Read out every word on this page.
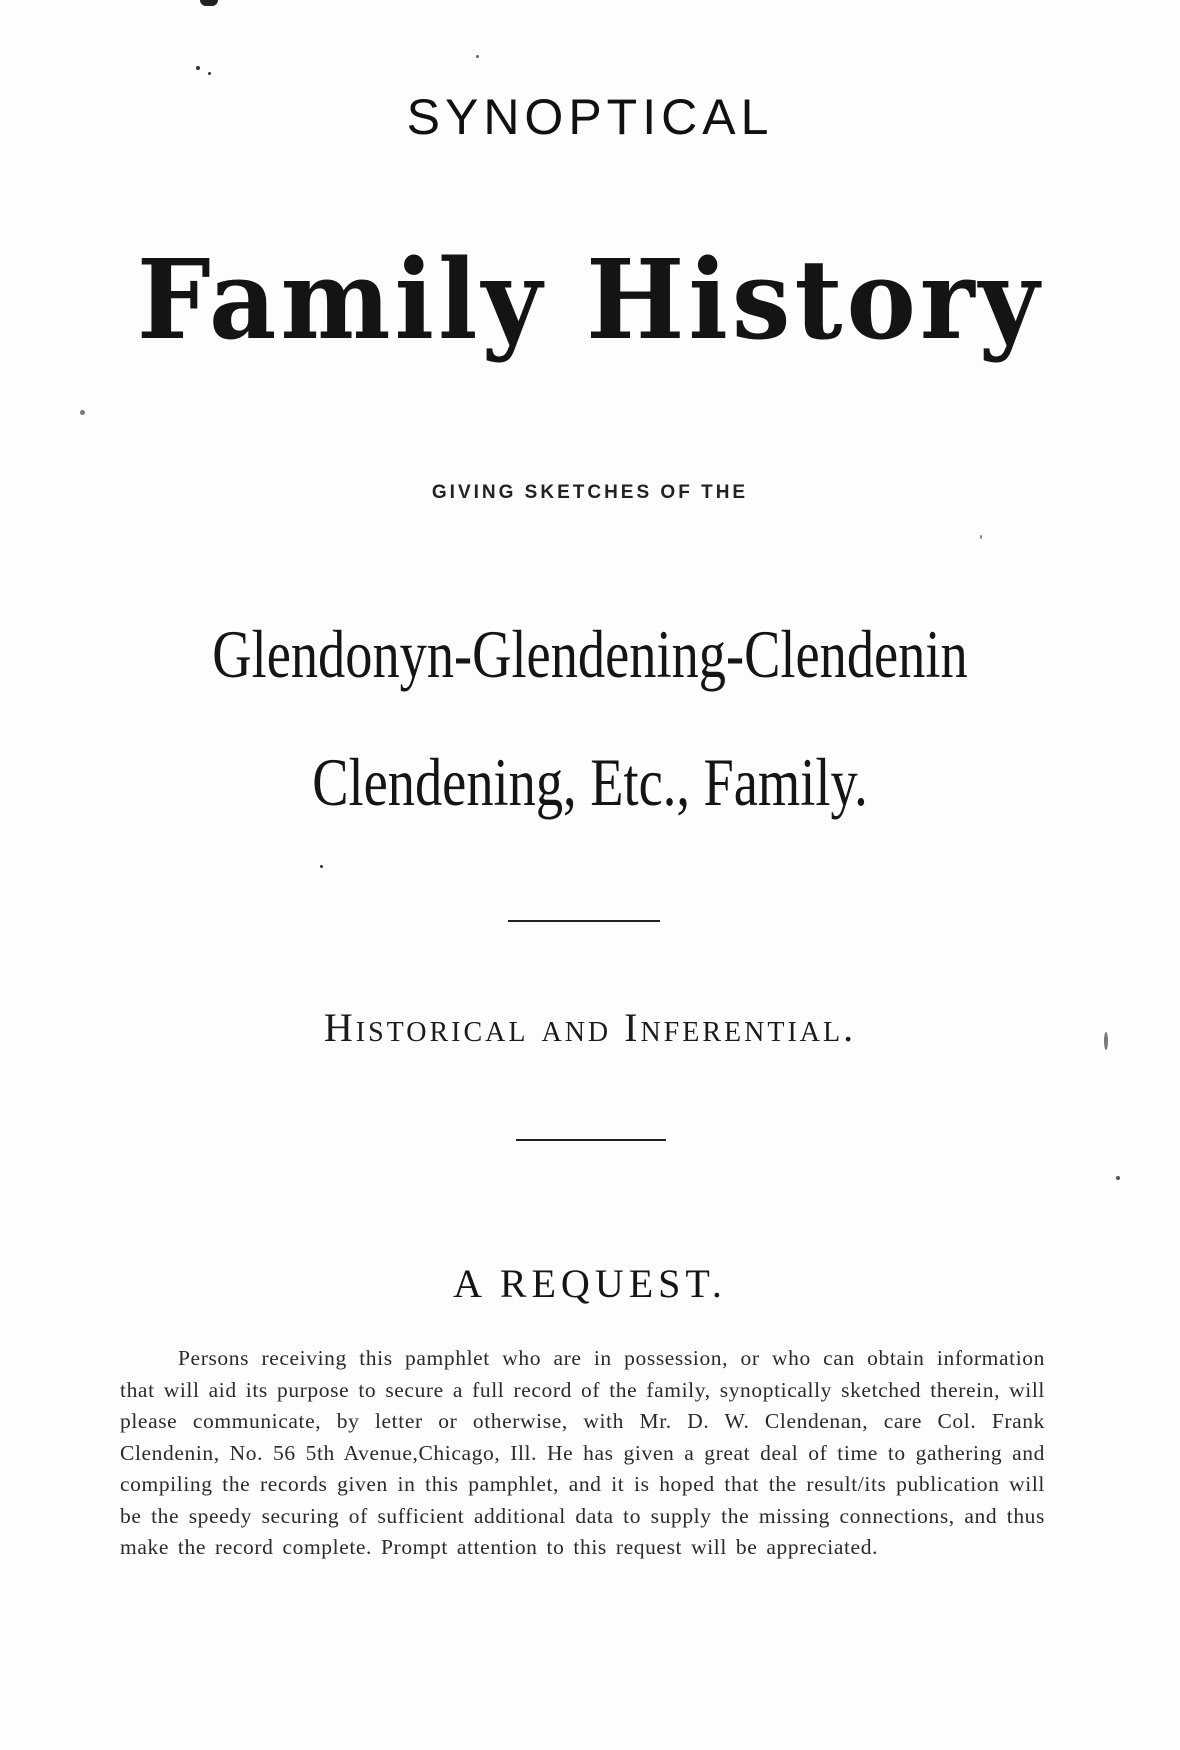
SYNOPTICAL
Family History
GIVING SKETCHES OF THE
Glendonyn-Glendening-Clendenin
Clendening, Etc., Family.
Historical and Inferential.
A REQUEST.
Persons receiving this pamphlet who are in possession, or who can obtain information that will aid its purpose to secure a full record of the family, synoptically sketched therein, will please communicate, by letter or otherwise, with Mr. D. W. Clendenan, care Col. Frank Clendenin, No. 56 5th Avenue,Chicago, Ill. He has given a great deal of time to gathering and compiling the records given in this pamphlet, and it is hoped that the result/its publication will be the speedy securing of sufficient additional data to supply the missing connections, and thus make the record complete. Prompt attention to this request will be appreciated.
